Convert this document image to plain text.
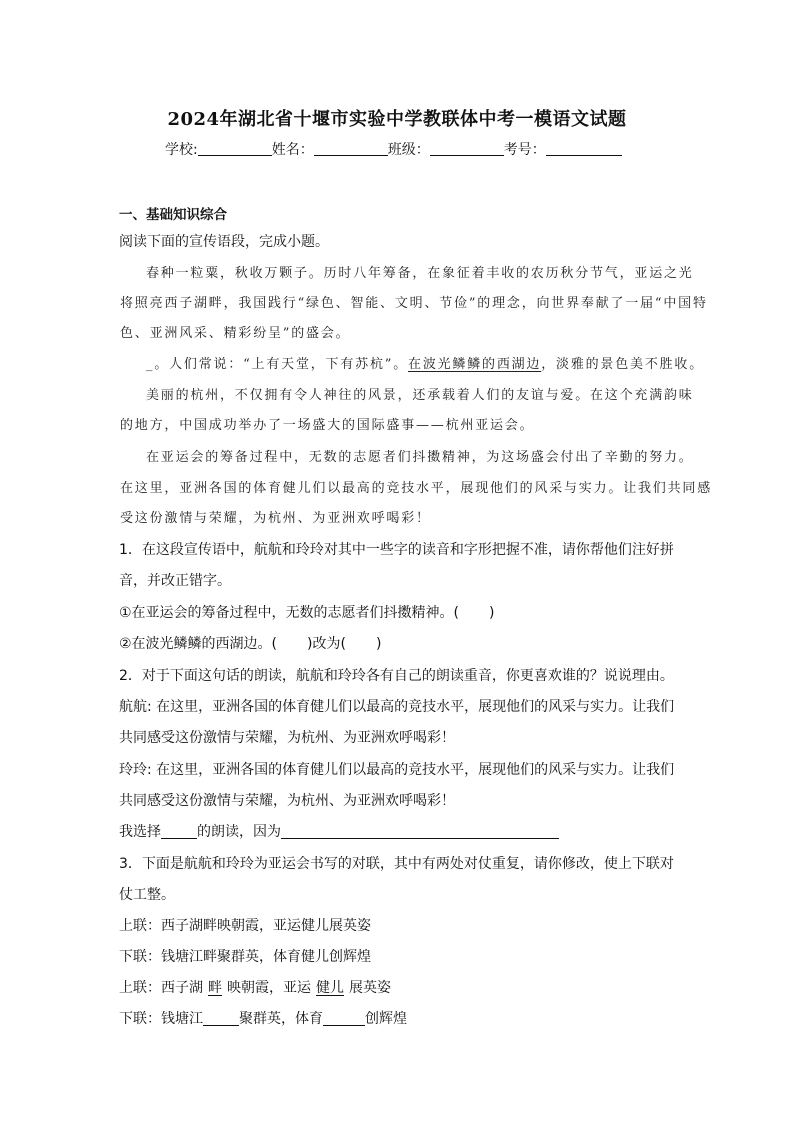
2024年湖北省十堰市实验中学教联体中考一模语文试题
学校:	姓名：	班级：	考号：
一、基础知识综合
阅读下面的宣传语段，完成小题。
春种一粒粟，秋收万颗子。历时八年筹备，在象征着丰收的农历秋分节气，亚运之光
将照亮西子湖畔，我国践行“绿色、智能、文明、节俭”的理念，向世界奉献了一届“中国特
色、亚洲风采、精彩纷呈”的盛会。
_。人们常说：“上有天堂，下有苏杭”。在波光鳞鳞的西湖边，淡雅的景色美不胜收。
美丽的杭州，不仅拥有令人神往的风景，还承载着人们的友谊与爱。在这个充满韵味
的地方，中国成功举办了一场盛大的国际盛事——杭州亚运会。
在亚运会的筹备过程中，无数的志愿者们抖擞精神，为这场盛会付出了辛勤的努力。
在这里，亚洲各国的体育健儿们以最高的竞技水平，展现他们的风采与实力。让我们共同感
受这份激情与荣耀，为杭州、为亚洲欢呼喝彩！
1．在这段宣传语中，航航和玲玲对其中一些字的读音和字形把握不准，请你帮他们注好拼
音，并改正错字。
①在亚运会的筹备过程中，无数的志愿者们抖擞精神。( )
②在波光鳞鳞的西湖边。( )改为( )
2．对于下面这句话的朗读，航航和玲玲各有自己的朗读重音，你更喜欢谁的？说说理由。
航航: 在这里，亚洲各国的体育健儿们以最高的竞技水平，展现他们的风采与实力。让我们
共同感受这份激情与荣耀，为杭州、为亚洲欢呼喝彩！
玲玲: 在这里，亚洲各国的体育健儿们以最高的竞技水平，展现他们的风采与实力。让我们
共同感受这份激情与荣耀，为杭州、为亚洲欢呼喝彩！
我选择	的朗读，因为
3．下面是航航和玲玲为亚运会书写的对联，其中有两处对仗重复，请你修改，使上下联对
仗工整。
上联：西子湖畔映朝霞，亚运健儿展英姿
下联：钱塘江畔聚群英，体育健儿创辉煌
上联：西子湖 畔 映朝霞，亚运 健儿 展英姿
下联：钱塘江	聚群英，体育	创辉煌
